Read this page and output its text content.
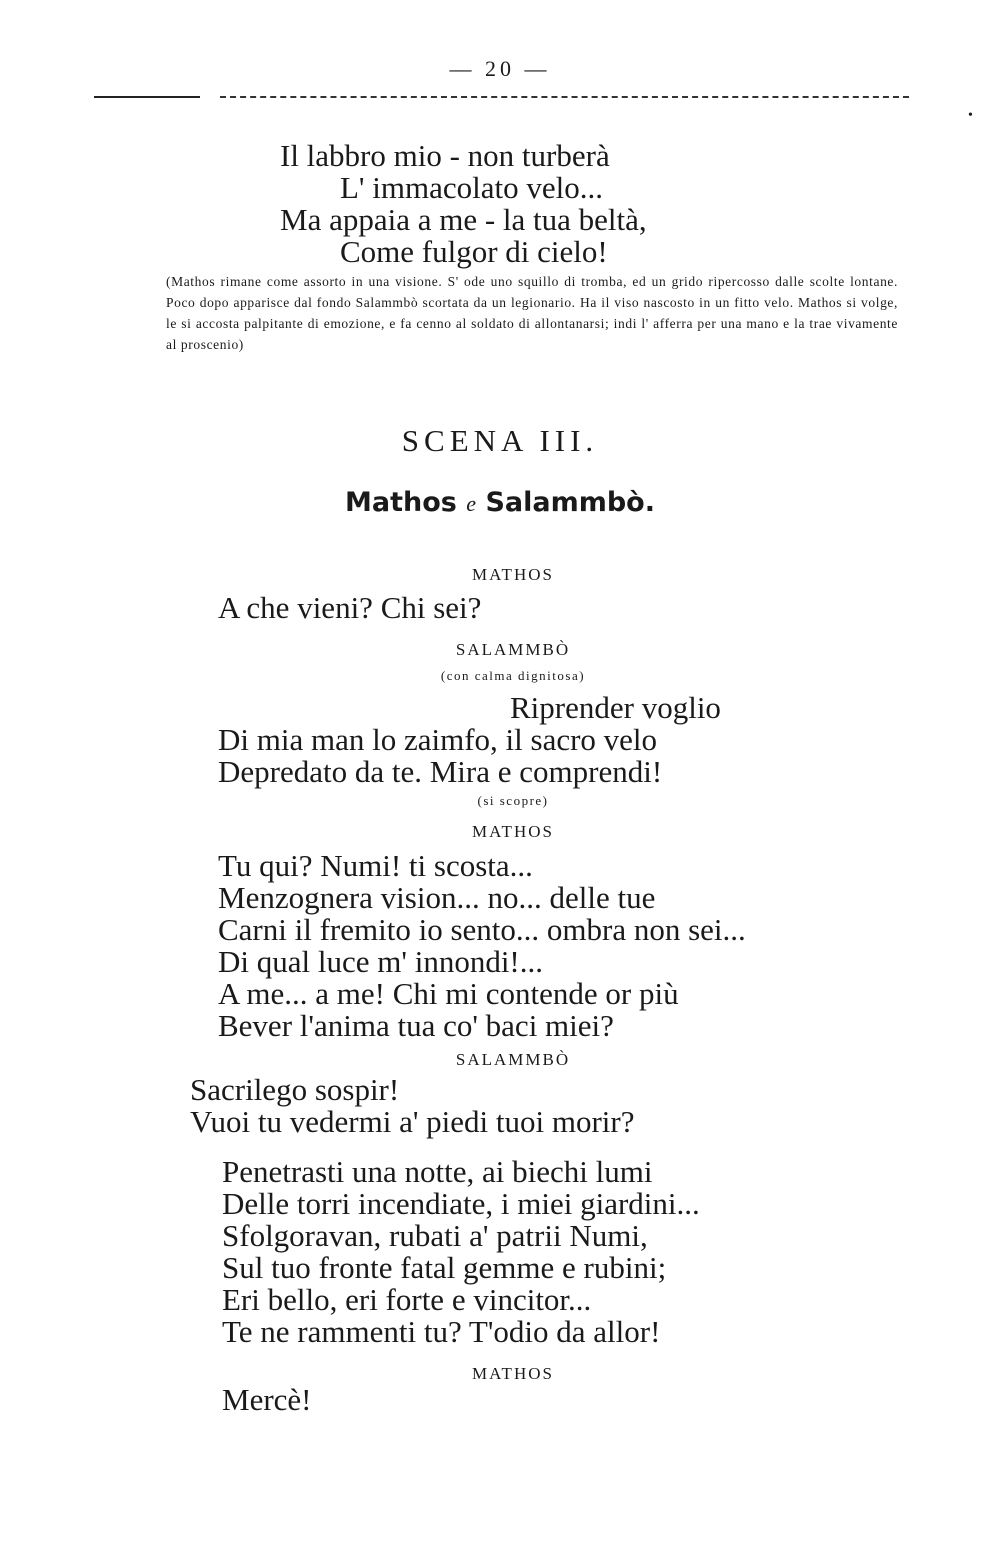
— 20 —
•

Il labbro mio - non turberà

L' immacolato velo...

Ma appaia a me - la tua beltà,

Come fulgor di cielo!

(Mathos rimane come assorto in una visione. S' ode uno squillo di tromba, ed un grido ripercosso dalle scolte lontane. Poco dopo apparisce dal fondo Salammbò scortata da un legionario. Ha il viso nascosto in un fitto velo. Mathos si volge, le si accosta palpitante di emozione, e fa cenno al soldato di allontanarsi; indi l' afferra per una mano e la trae vivamente al proscenio)
SCENA III.
Mathos e Salammbò.
MATHOS

A che vieni? Chi sei?

SALAMMBÒ
(con calma dignitosa)

Riprender voglio

Di mia man lo zaimfo, il sacro velo

Depredato da te. Mira e comprendi!

(si scopre)
MATHOS

Tu qui? Numi! ti scosta...

Menzognera vision... no... delle tue

Carni il fremito io sento... ombra non sei...

Di qual luce m' innondi!...

A me... a me! Chi mi contende or più

Bever l'anima tua co' baci miei?

SALAMMBÒ

Sacrilego sospir!

Vuoi tu vedermi a' piedi tuoi morir?

Penetrasti una notte, ai biechi lumi

Delle torri incendiate, i miei giardini...

Sfolgoravan, rubati a' patrii Numi,

Sul tuo fronte fatal gemme e rubini;

Eri bello, eri forte e vincitor...

Te ne rammenti tu? T'odio da allor!

MATHOS

Mercè!
